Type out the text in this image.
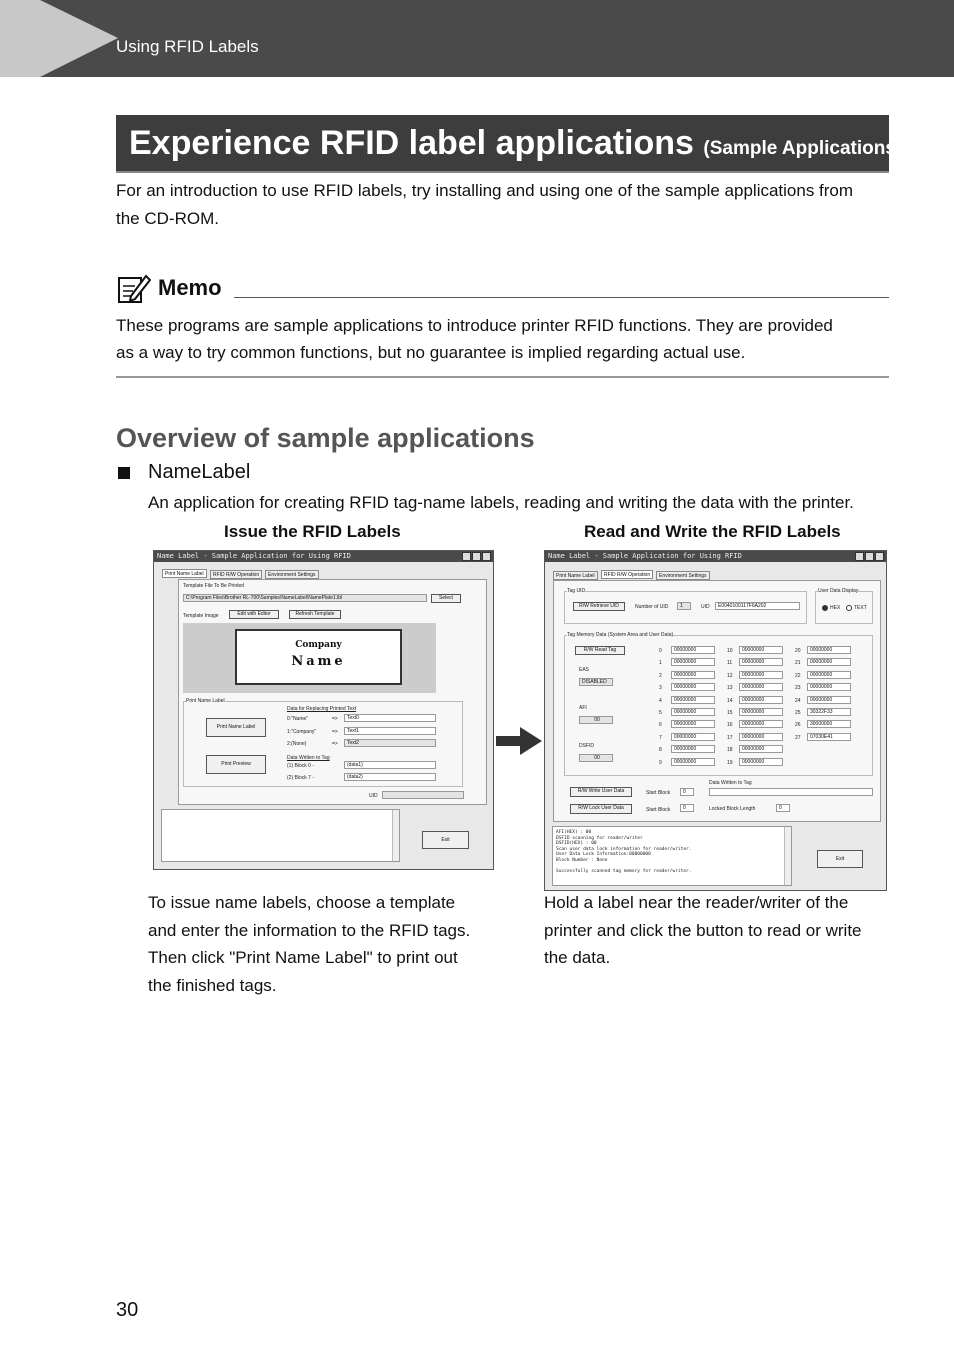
Using RFID Labels
Experience RFID label applications (Sample Applications)
For an introduction to use RFID labels, try installing and using one of the sample applications from
the CD-ROM.
Memo
These programs are sample applications to introduce printer RFID functions. They are provided
as a way to try common functions, but no guarantee is implied regarding actual use.
Overview of sample applications
NameLabel
An application for creating RFID tag-name labels, reading and writing the data with the printer.
Issue the RFID Labels	Read and Write the RFID Labels
Name Label - Sample Application for Using RFID
Print Name Label	RFID R/W Operation	Environment Settings
Template File To Be Printed
C:\Program Files\Brother RL-700\Samples\NameLabel\NamePlate1.lbl	Select
Template Image	Edit with Editor	Refresh Template
Company
Name
Print Name Label
Data for Replacing Printed Text
0:"Name"	=>	Text0
1:"Company"	=>	Text1
2:(None)	=>	Text2
Data Written to Tag
(1) Block 0 -	(data1)
(2) Block 7 -	(data2)
Print Name Label
Print Preview
UID
Exit
Name Label - Sample Application for Using RFID
Print Name Label	RFID R/W Operation	Environment Settings
Tag UID
R/W Retrieve UID	Number of UID	1	UID	E0040100117F6A202
User Data Display
HEX	TEXT
Tag Memory Data (System Area and User Data)
R/W Read Tag
EAS
DISABLED
AFI
00
DSFID
00
0	00000000
1	00000000
2	00000000
3	00000000
4	00000000
5	00000000
6	00000000
7	00000000
8	00000000
9	00000000
10	00000000
11	00000000
12	00000000
13	00000000
14	00000000
15	00000000
16	00000000
17	00000000
18	00000000
19	00000000
20	00000000
21	00000000
22	00000000
23	00000000
24	00000000
25	30322F33
26	30000000
27	07030E41
Data Written to Tag
R/W Write User Data
R/W Lock User Data
Start Block	0
Start Block	0	Locked Block Length	0
AFI(HEX) : 00
DSFID scanning for reader/writer
DSFID(HEX) : 00
Scan user data lock information for reader/writer.
User Data Lock Information:00000000
Block Number : None
Successfully scanned tag memory for reader/writer.
Exit
To issue name labels, choose a template
and enter the information to the RFID tags.
Then click "Print Name Label" to print out
the finished tags.
Hold a label near the reader/writer of the
printer and click the button to read or write
the data.
30
